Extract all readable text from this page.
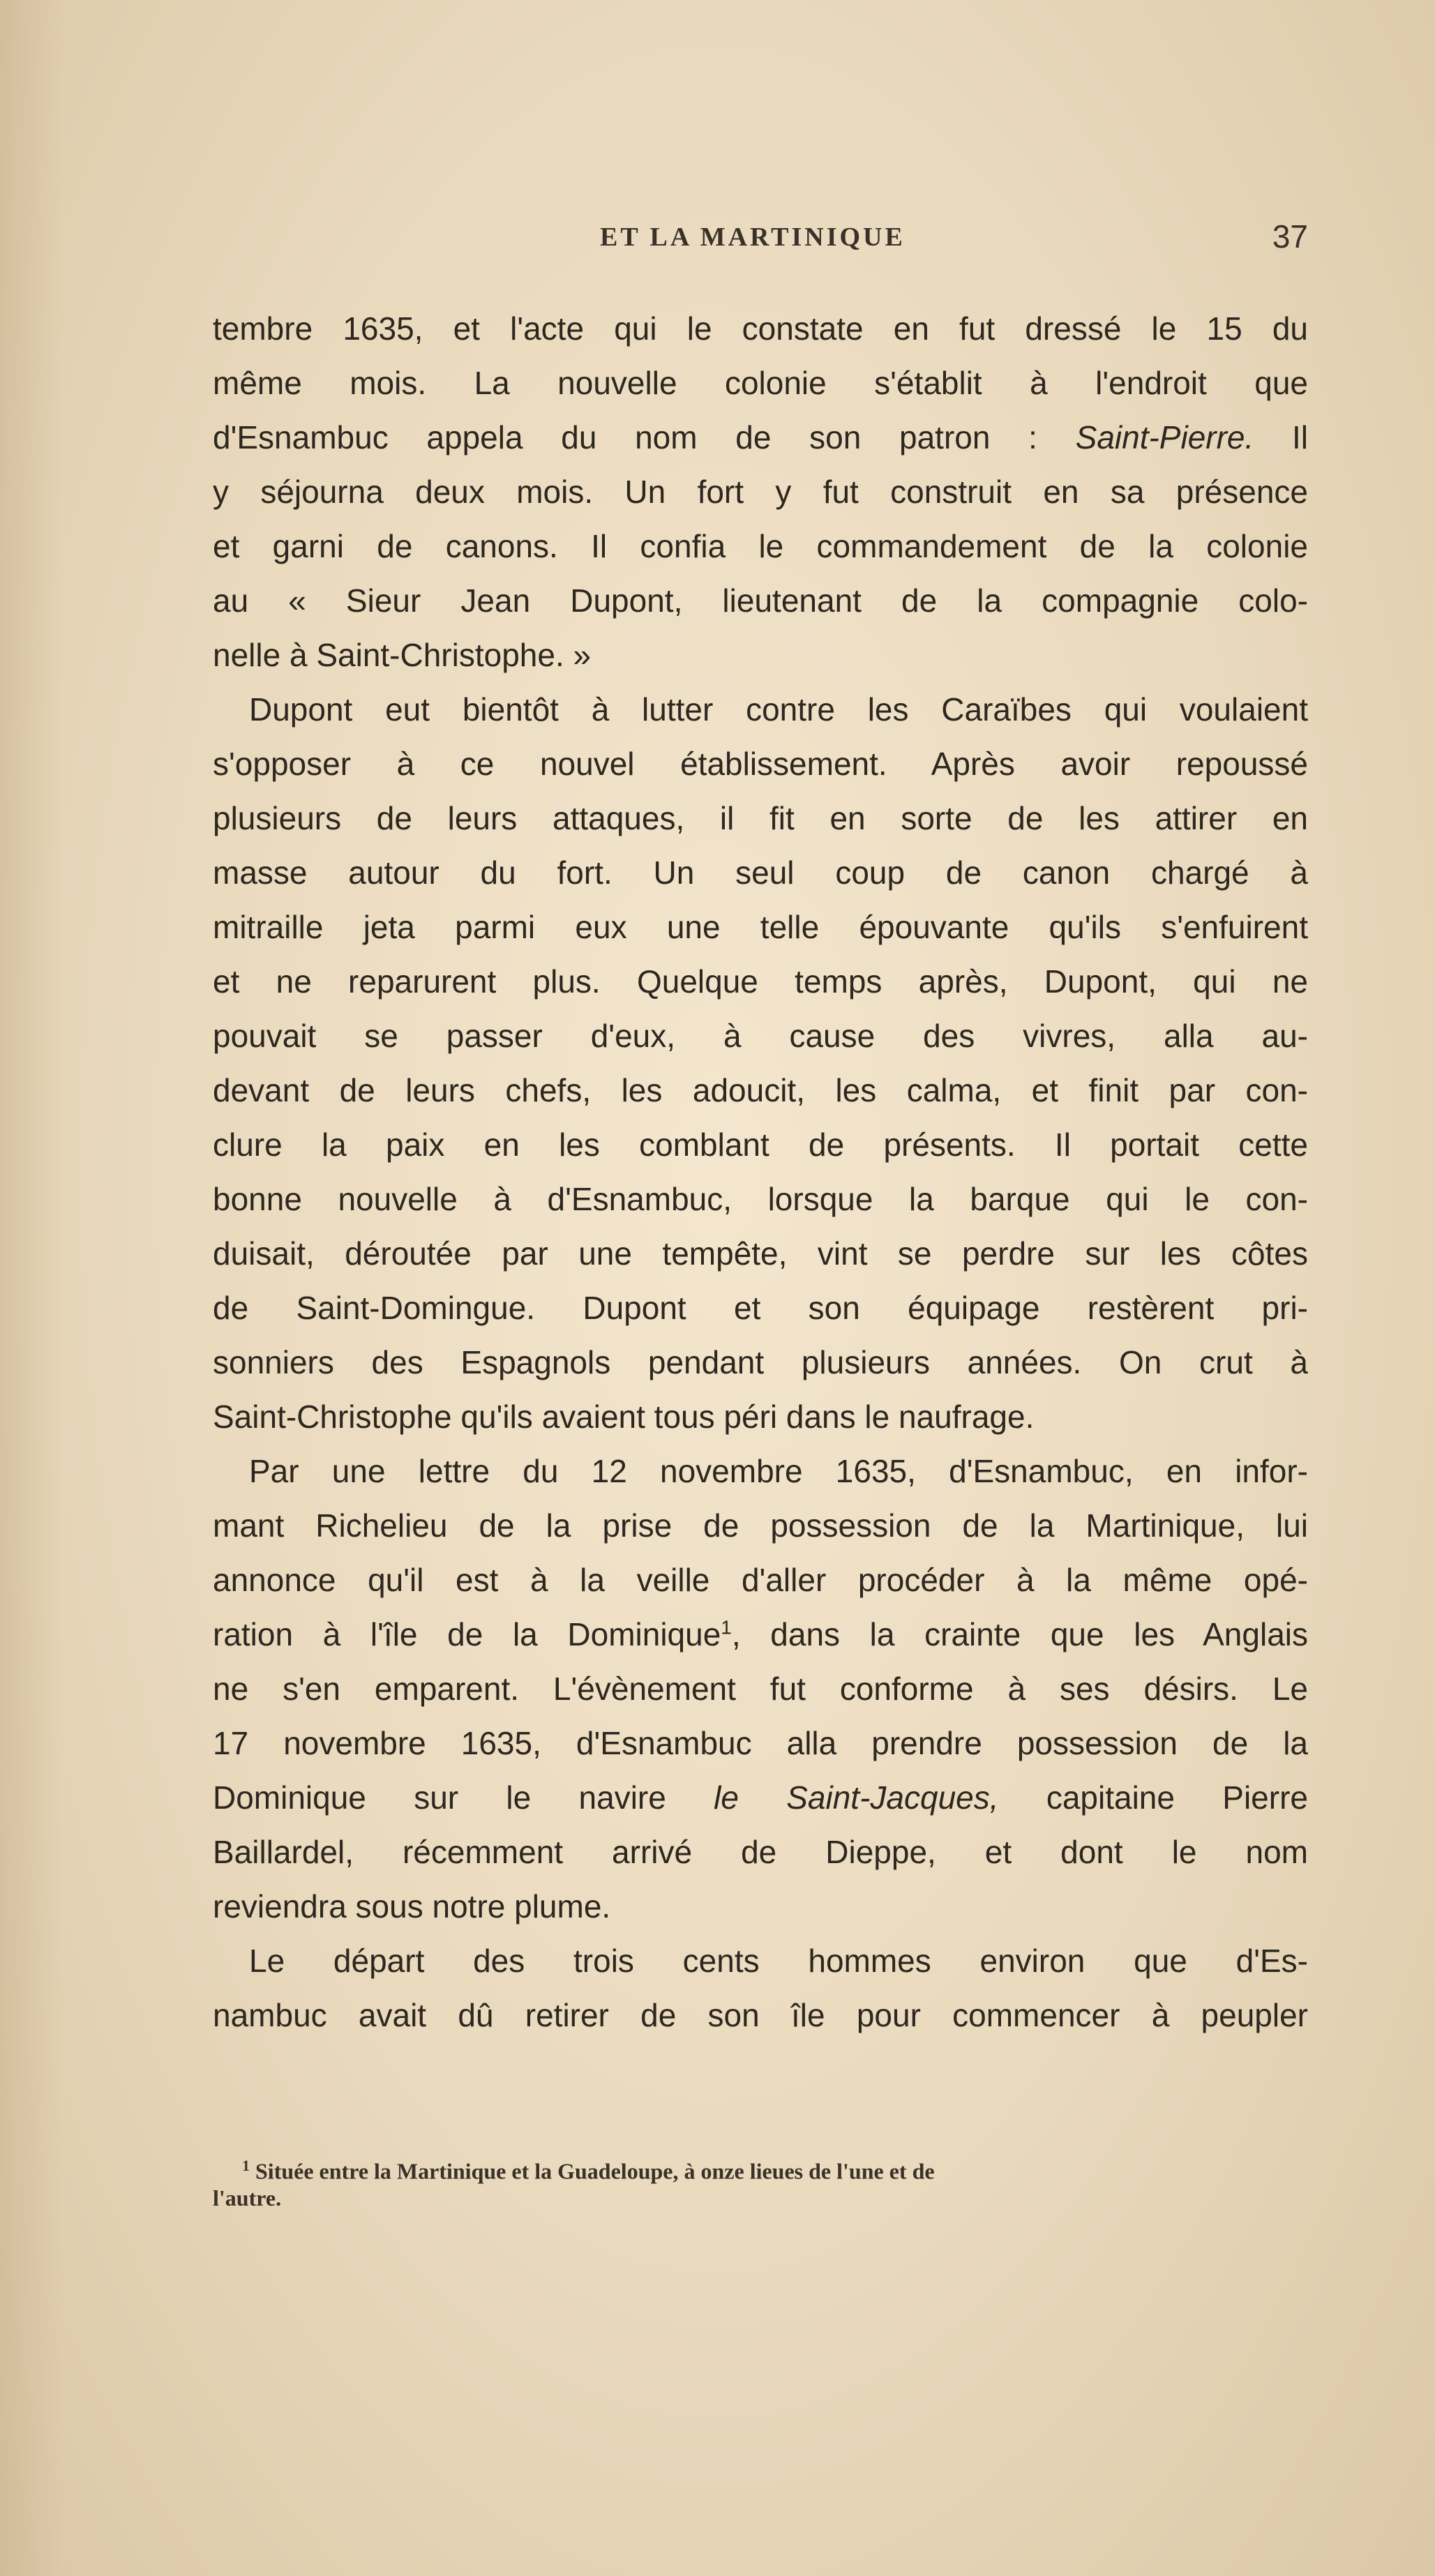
ET LA MARTINIQUE	37
tembre 1635, et l'acte qui le constate en fut dressé le 15 du
même mois. La nouvelle colonie s'établit à l'endroit que
d'Esnambuc appela du nom de son patron : Saint-Pierre. Il
y séjourna deux mois. Un fort y fut construit en sa présence
et garni de canons. Il confia le commandement de la colonie
au « Sieur Jean Dupont, lieutenant de la compagnie colo-
nelle à Saint-Christophe. »
Dupont eut bientôt à lutter contre les Caraïbes qui voulaient
s'opposer à ce nouvel établissement. Après avoir repoussé
plusieurs de leurs attaques, il fit en sorte de les attirer en
masse autour du fort. Un seul coup de canon chargé à
mitraille jeta parmi eux une telle épouvante qu'ils s'enfuirent
et ne reparurent plus. Quelque temps après, Dupont, qui ne
pouvait se passer d'eux, à cause des vivres, alla au-
devant de leurs chefs, les adoucit, les calma, et finit par con-
clure la paix en les comblant de présents. Il portait cette
bonne nouvelle à d'Esnambuc, lorsque la barque qui le con-
duisait, déroutée par une tempête, vint se perdre sur les côtes
de Saint-Domingue. Dupont et son équipage restèrent pri-
sonniers des Espagnols pendant plusieurs années. On crut à
Saint-Christophe qu'ils avaient tous péri dans le naufrage.
Par une lettre du 12 novembre 1635, d'Esnambuc, en infor-
mant Richelieu de la prise de possession de la Martinique, lui
annonce qu'il est à la veille d'aller procéder à la même opé-
ration à l'île de la Dominique$^1$, dans la crainte que les Anglais
ne s'en emparent. L'évènement fut conforme à ses désirs. Le
17 novembre 1635, d'Esnambuc alla prendre possession de la
Dominique sur le navire le Saint-Jacques, capitaine Pierre
Baillardel, récemment arrivé de Dieppe, et dont le nom
reviendra sous notre plume.
Le départ des trois cents hommes environ que d'Es-
nambuc avait dû retirer de son île pour commencer à peupler
$^1$ Située entre la Martinique et la Guadeloupe, à onze lieues de l'une et de
l'autre.
